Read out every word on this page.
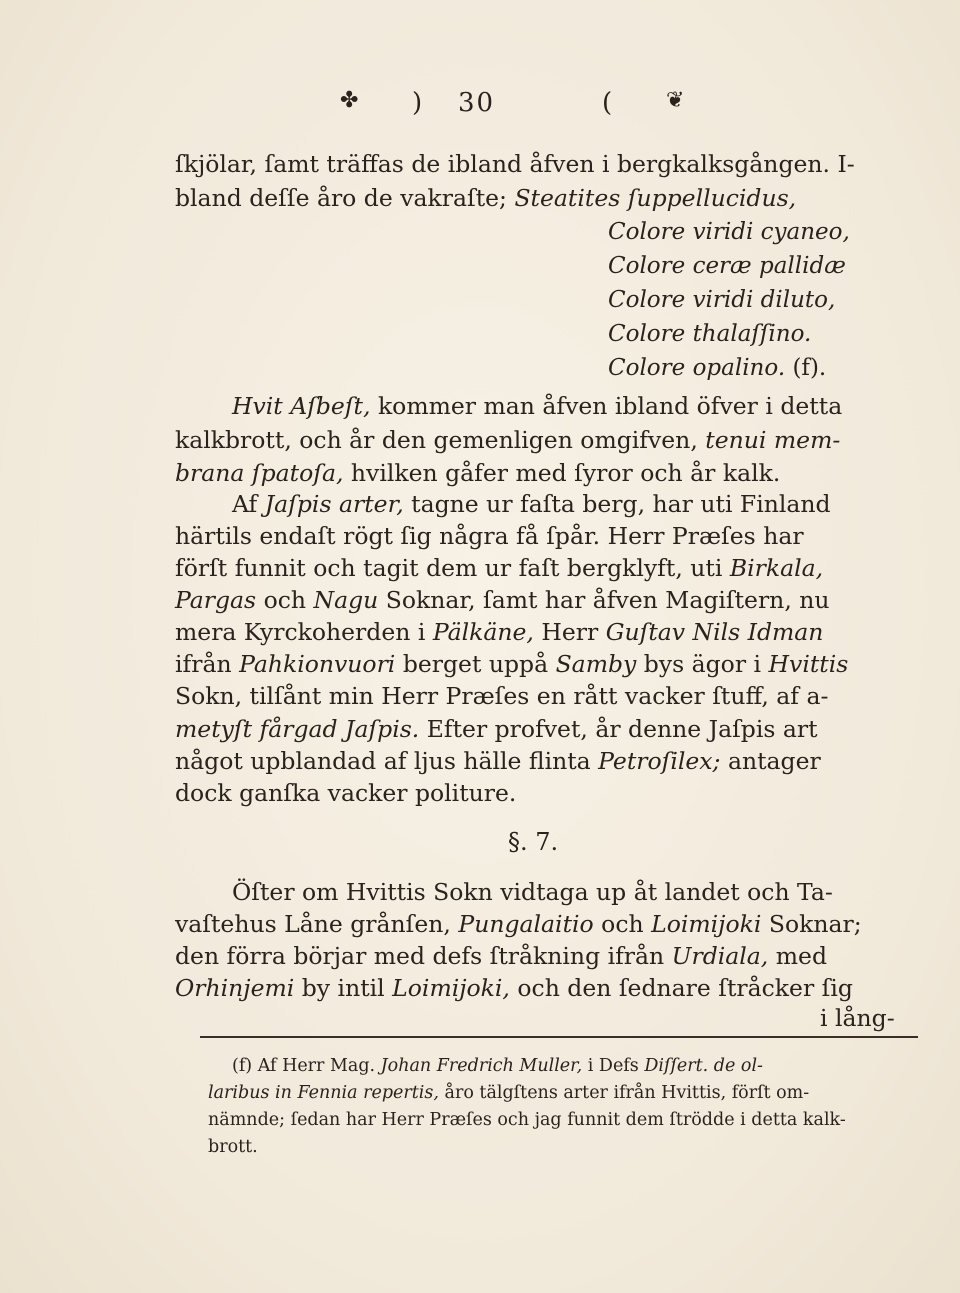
✤ ) 30	( ❦
ſkjölar, ſamt träffas de ibland åfven i bergkalksgången. I-
bland deſſe åro de vakraſte; Steatites ſuppellucidus,
Colore viridi cyaneo,
Colore ceræ pallidæ
Colore viridi diluto,
Colore thalaſſino.
Colore opalino. (f).
Hvit Aſbeſt, kommer man åfven ibland öfver i detta
kalkbrott, och år den gemenligen omgifven, tenui mem-
brana ſpatoſa, hvilken gåfer med ſyror och år kalk.
Af Jaſpis arter, tagne ur faſta berg, har uti Finland
härtils endaſt rögt ſig några få ſpår. Herr Præſes har
förſt funnit och tagit dem ur faſt bergklyft, uti Birkala,
Pargas och Nagu Soknar, ſamt har åfven Magiſtern, nu
mera Kyrckoherden i Pälkäne, Herr Guſtav Nils Idman
ifrån Pahkionvuori berget uppå Samby bys ägor i Hvittis
Sokn, tilſånt min Herr Præſes en rått vacker ſtuff, af a-
metyſt fårgad Jaſpis. Efter profvet, år denne Jaſpis art
något upblandad af ljus hälle flinta Petroſilex; antager
dock ganſka vacker politure.
§. 7.
Öſter om Hvittis Sokn vidtaga up åt landet och Ta-
vaſtehus Låne grånſen, Pungalaitio och Loimijoki Soknar;
den förra börjar med defs ſtråkning ifrån Urdiala, med
Orhinjemi by intil Loimijoki, och den ſednare ſtråcker ſig
i lång-
(f) Af Herr Mag. Johan Fredrich Muller, i Defs Diſſert. de ol-
laribus in Fennia repertis, åro tälgſtens arter ifrån Hvittis, förſt om-
nämnde; ſedan har Herr Præſes och jag funnit dem ſtrödde i detta kalk-
brott.
